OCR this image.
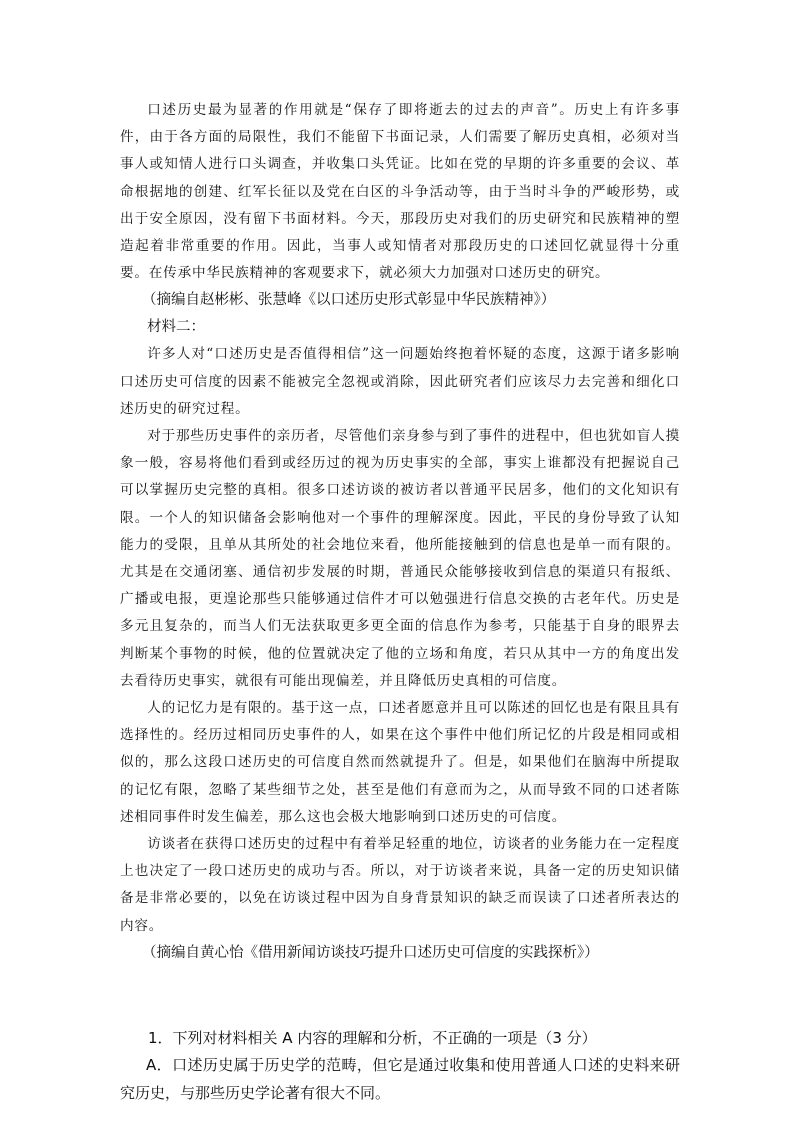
口述历史最为显著的作用就是“保存了即将逝去的过去的声音”。历史上有许多事件，由于各方面的局限性，我们不能留下书面记录，人们需要了解历史真相，必须对当事人或知情人进行口头调查，并收集口头凭证。比如在党的早期的许多重要的会议、革命根据地的创建、红军长征以及党在白区的斗争活动等，由于当时斗争的严峻形势，或出于安全原因，没有留下书面材料。今天，那段历史对我们的历史研究和民族精神的塑造起着非常重要的作用。因此，当事人或知情者对那段历史的口述回忆就显得十分重要。在传承中华民族精神的客观要求下，就必须大力加强对口述历史的研究。

（摘编自赵彬彬、张慧峰《以口述历史形式彰显中华民族精神》）

材料二：

许多人对“口述历史是否值得相信”这一问题始终抱着怀疑的态度，这源于诸多影响口述历史可信度的因素不能被完全忽视或消除，因此研究者们应该尽力去完善和细化口述历史的研究过程。

对于那些历史事件的亲历者，尽管他们亲身参与到了事件的进程中，但也犹如盲人摸象一般，容易将他们看到或经历过的视为历史事实的全部，事实上谁都没有把握说自己可以掌握历史完整的真相。很多口述访谈的被访者以普通平民居多，他们的文化知识有限。一个人的知识储备会影响他对一个事件的理解深度。因此，平民的身份导致了认知能力的受限，且单从其所处的社会地位来看，他所能接触到的信息也是单一而有限的。尤其是在交通闭塞、通信初步发展的时期，普通民众能够接收到信息的渠道只有报纸、广播或电报，更遑论那些只能够通过信件才可以勉强进行信息交换的古老年代。历史是多元且复杂的，而当人们无法获取更多更全面的信息作为参考，只能基于自身的眼界去判断某个事物的时候，他的位置就决定了他的立场和角度，若只从其中一方的角度出发去看待历史事实，就很有可能出现偏差，并且降低历史真相的可信度。

人的记忆力是有限的。基于这一点，口述者愿意并且可以陈述的回忆也是有限且具有选择性的。经历过相同历史事件的人，如果在这个事件中他们所记忆的片段是相同或相似的，那么这段口述历史的可信度自然而然就提升了。但是，如果他们在脑海中所提取的记忆有限，忽略了某些细节之处，甚至是他们有意而为之，从而导致不同的口述者陈述相同事件时发生偏差，那么这也会极大地影响到口述历史的可信度。

访谈者在获得口述历史的过程中有着举足轻重的地位，访谈者的业务能力在一定程度上也决定了一段口述历史的成功与否。所以，对于访谈者来说，具备一定的历史知识储备是非常必要的，以免在访谈过程中因为自身背景知识的缺乏而误读了口述者所表达的内容。

（摘编自黄心怡《借用新闻访谈技巧提升口述历史可信度的实践探析》）

1．下列对材料相关 A 内容的理解和分析，不正确的一项是（3 分）

A．口述历史属于历史学的范畴，但它是通过收集和使用普通人口述的史料来研究历史，与那些历史学论著有很大不同。
